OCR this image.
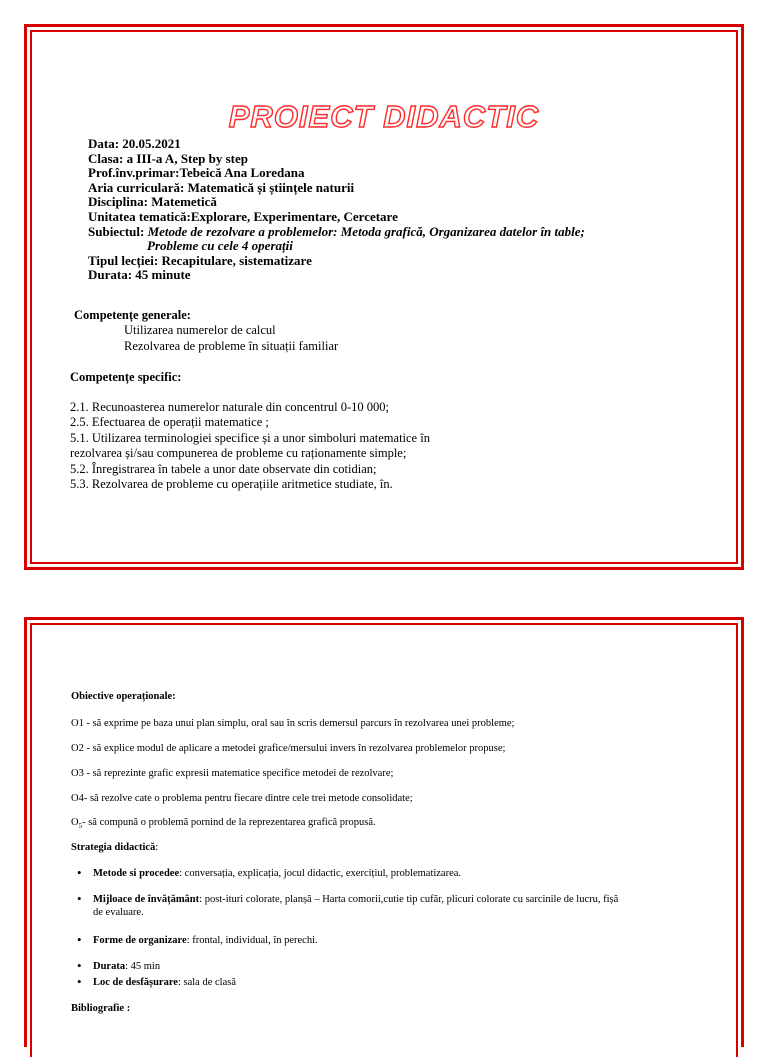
PROIECT DIDACTIC
Data: 20.05.2021
Clasa: a III-a A, Step by step
Prof.înv.primar:Tebeică Ana Loredana
Aria curriculară: Matematică și științele naturii
Disciplina: Matemetică
Unitatea tematică:Explorare, Experimentare, Cercetare
Subiectul: Metode de rezolvare a problemelor: Metoda grafică, Organizarea datelor în table;
Probleme cu cele 4 operații
Tipul lecției: Recapitulare, sistematizare
Durata: 45 minute
Competențe generale:
Utilizarea numerelor de calcul
Rezolvarea de probleme în situații familiar
Competențe specific:
2.1. Recunoasterea numerelor naturale din concentrul 0-10 000;
2.5. Efectuarea de operații matematice ;
5.1. Utilizarea terminologiei specifice și a unor simboluri matematice în
rezolvarea și/sau compunerea de probleme cu raționamente simple;
5.2. Înregistrarea în tabele a unor date observate din cotidian;
5.3. Rezolvarea de probleme cu operațiile aritmetice studiate, în.
Obiective operaționale:
O1 - să exprime pe baza unui plan simplu, oral sau în scris demersul parcurs în rezolvarea unei probleme;
O2 - să explice modul de aplicare a metodei grafice/mersului invers în rezolvarea problemelor propuse;
O3 - să reprezinte grafic expresii matematice specifice metodei de rezolvare;
O4- să rezolve cate o problema pentru fiecare dintre cele trei metode consolidate;
$O_5-$ să compună o problemă pornind de la reprezentarea grafică propusă.
Strategia didactică:
• Metode si procedee: conversația, explicația, jocul didactic, exercițiul, problematizarea.
• Mijloace de învățământ: post-ituri colorate, planșă – Harta comorii,cutie tip cufăr, plicuri colorate cu sarcinile de lucru, fișă
de evaluare.
• Forme de organizare: frontal, individual, în perechi.
• Durata: 45 min
• Loc de desfășurare: sala de clasă
Bibliografie :
